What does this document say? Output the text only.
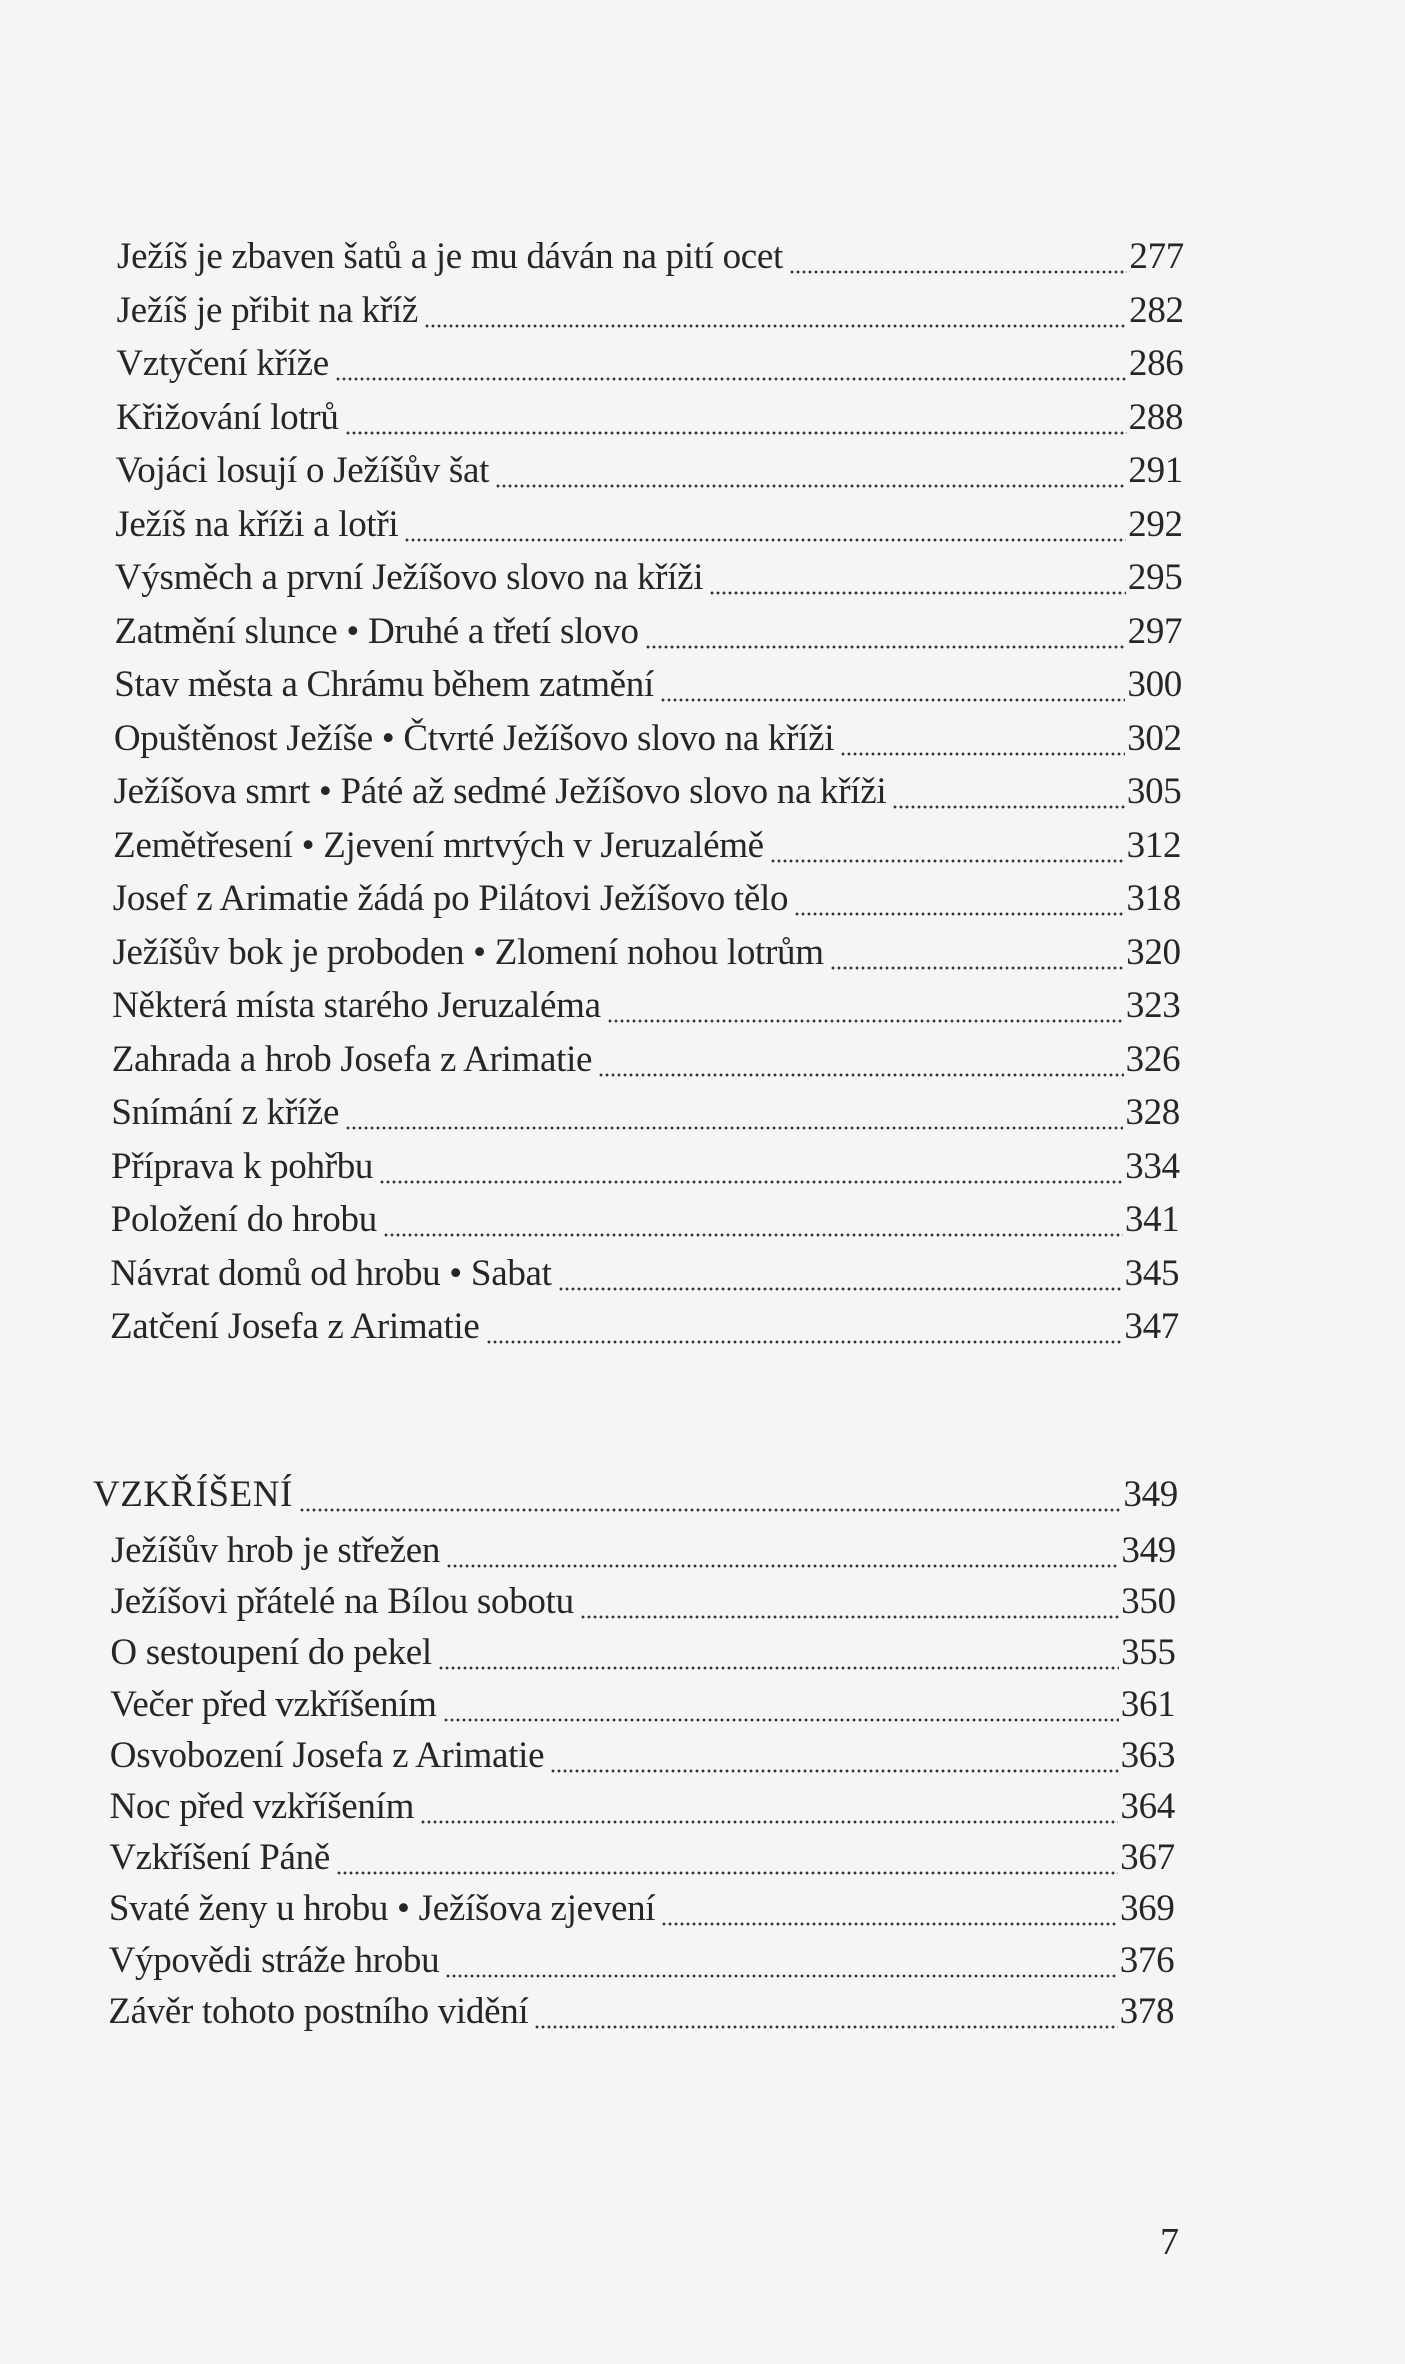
Ježíš je zbaven šatů a je mu dáván na pití ocet	277
Ježíš je přibit na kříž	282
Vztyčení kříže	286
Křižování lotrů	288
Vojáci losují o Ježíšův šat	291
Ježíš na kříži a lotři	292
Výsměch a první Ježíšovo slovo na kříži	295
Zatmění slunce • Druhé a třetí slovo	297
Stav města a Chrámu během zatmění	300
Opuštěnost Ježíše • Čtvrté Ježíšovo slovo na kříži	302
Ježíšova smrt • Páté až sedmé Ježíšovo slovo na kříži	305
Zemětřesení • Zjevení mrtvých v Jeruzalémě	312
Josef z Arimatie žádá po Pilátovi Ježíšovo tělo	318
Ježíšův bok je proboden • Zlomení nohou lotrům	320
Některá místa starého Jeruzaléma	323
Zahrada a hrob Josefa z Arimatie	326
Snímání z kříže	328
Příprava k pohřbu	334
Položení do hrobu	341
Návrat domů od hrobu • Sabat	345
Zatčení Josefa z Arimatie	347
VZKŘÍŠENÍ	349
Ježíšův hrob je střežen	349
Ježíšovi přátelé na Bílou sobotu	350
O sestoupení do pekel	355
Večer před vzkříšením	361
Osvobození Josefa z Arimatie	363
Noc před vzkříšením	364
Vzkříšení Páně	367
Svaté ženy u hrobu • Ježíšova zjevení	369
Výpovědi stráže hrobu	376
Závěr tohoto postního vidění	378
7
